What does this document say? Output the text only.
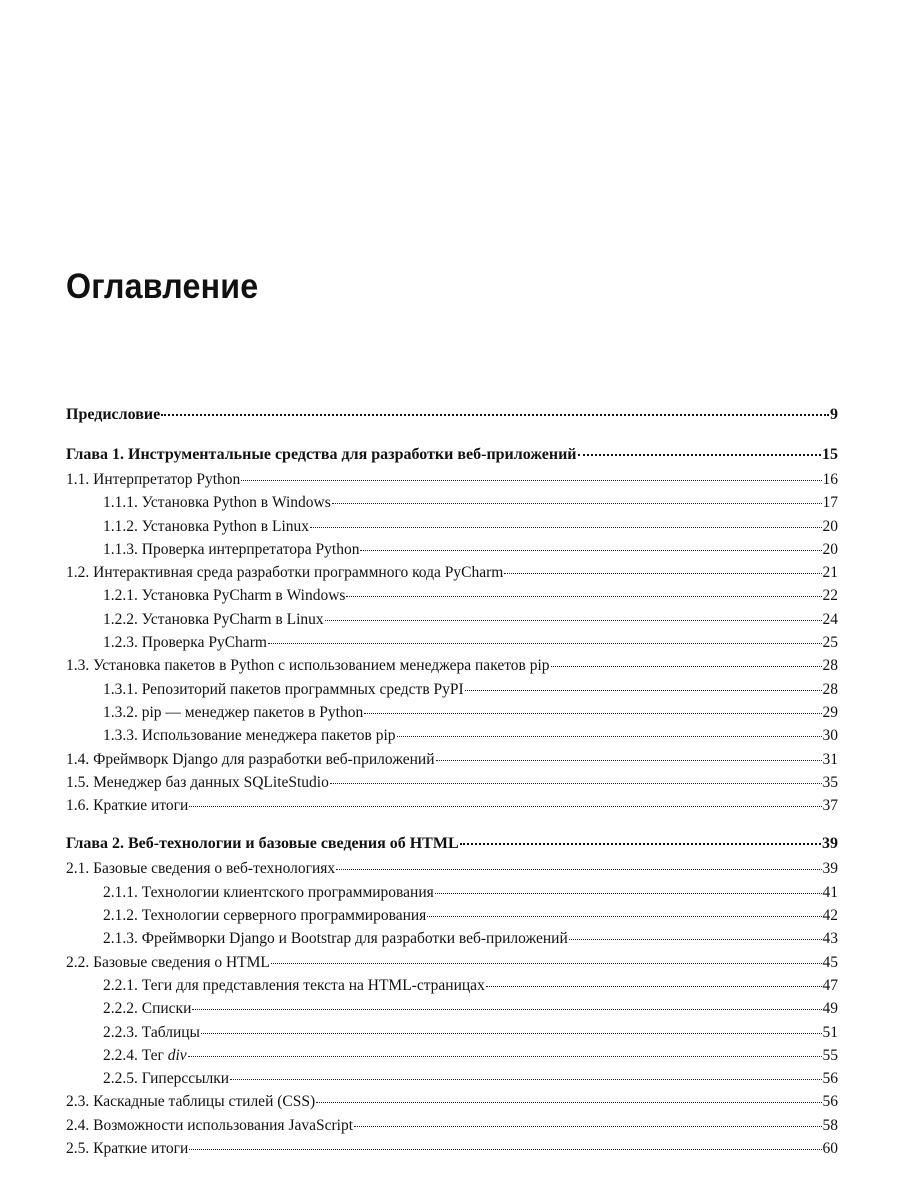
Оглавление
Предисловие	9
Глава 1. Инструментальные средства для разработки веб-приложений	15
1.1. Интерпретатор Python	16
1.1.1. Установка Python в Windows	17
1.1.2. Установка Python в Linux	20
1.1.3. Проверка интерпретатора Python	20
1.2. Интерактивная среда разработки программного кода PyCharm	21
1.2.1. Установка PyCharm в Windows	22
1.2.2. Установка PyCharm в Linux	24
1.2.3. Проверка PyCharm	25
1.3. Установка пакетов в Python с использованием менеджера пакетов pip	28
1.3.1. Репозиторий пакетов программных средств PyPI	28
1.3.2. pip — менеджер пакетов в Python	29
1.3.3. Использование менеджера пакетов pip	30
1.4. Фреймворк Django для разработки веб-приложений	31
1.5. Менеджер баз данных SQLiteStudio	35
1.6. Краткие итоги	37
Глава 2. Веб-технологии и базовые сведения об HTML	39
2.1. Базовые сведения о веб-технологиях	39
2.1.1. Технологии клиентского программирования	41
2.1.2. Технологии серверного программирования	42
2.1.3. Фреймворки Django и Bootstrap для разработки веб-приложений	43
2.2. Базовые сведения о HTML	45
2.2.1. Теги для представления текста на HTML-страницах	47
2.2.2. Списки	49
2.2.3. Таблицы	51
2.2.4. Тег div	55
2.2.5. Гиперссылки	56
2.3. Каскадные таблицы стилей (CSS)	56
2.4. Возможности использования JavaScript	58
2.5. Краткие итоги	60
